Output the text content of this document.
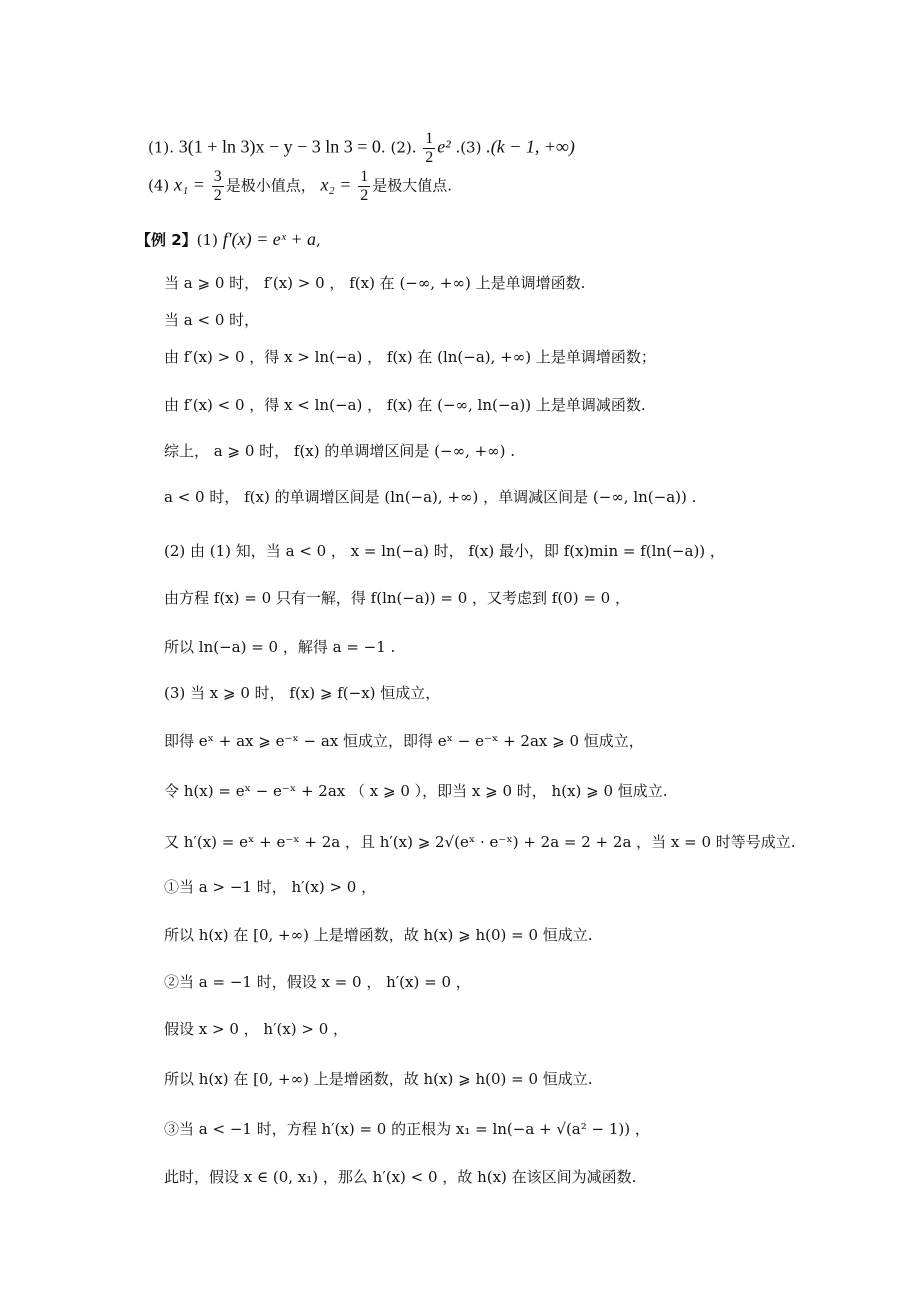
(1). 3(1 + ln 3)x − y − 3 ln 3 = 0. (2). $\frac{1}{2} e^2$ .(3) .(k − 1, +∞)
(4) $x_1 = \frac{3}{2}$ 是极小值点， $x_2 = \frac{1}{2}$ 是极大值点.
【例 2】(1) f′(x) = eˣ + a,
当 a ⩾ 0 时， f′(x) > 0 ， f(x) 在 (−∞, +∞) 上是单调增函数.
当 a < 0 时，
由 f′(x) > 0 ，得 x > ln(−a) ， f(x) 在 (ln(−a), +∞) 上是单调增函数；
由 f′(x) < 0 ，得 x < ln(−a) ， f(x) 在 (−∞, ln(−a)) 上是单调减函数.
综上， a ⩾ 0 时， f(x) 的单调增区间是 (−∞, +∞) .
a < 0 时， f(x) 的单调增区间是 (ln(−a), +∞) ，单调减区间是 (−∞, ln(−a)) .
(2) 由 (1) 知，当 a < 0 ， x = ln(−a) 时， f(x) 最小，即 f(x)min = f(ln(−a)) ，
由方程 f(x) = 0 只有一解，得 f(ln(−a)) = 0 ，又考虑到 f(0) = 0 ，
所以 ln(−a) = 0 ，解得 a = −1 .
(3) 当 x ⩾ 0 时， f(x) ⩾ f(−x) 恒成立，
即得 eˣ + ax ⩾ e⁻ˣ − ax 恒成立，即得 eˣ − e⁻ˣ + 2ax ⩾ 0 恒成立，
令 h(x) = eˣ − e⁻ˣ + 2ax （ x ⩾ 0 ），即当 x ⩾ 0 时， h(x) ⩾ 0 恒成立.
又 h′(x) = eˣ + e⁻ˣ + 2a ，且 h′(x) ⩾ 2√(eˣ · e⁻ˣ) + 2a = 2 + 2a ，当 x = 0 时等号成立.
①当 a > −1 时， h′(x) > 0 ，
所以 h(x) 在 [0, +∞) 上是增函数，故 h(x) ⩾ h(0) = 0 恒成立.
②当 a = −1 时，假设 x = 0 ， h′(x) = 0 ，
假设 x > 0 ， h′(x) > 0 ，
所以 h(x) 在 [0, +∞) 上是增函数，故 h(x) ⩾ h(0) = 0 恒成立.
③当 a < −1 时，方程 h′(x) = 0 的正根为 x₁ = ln(−a + √(a² − 1)) ，
此时，假设 x ∈ (0, x₁) ，那么 h′(x) < 0 ，故 h(x) 在该区间为减函数.
